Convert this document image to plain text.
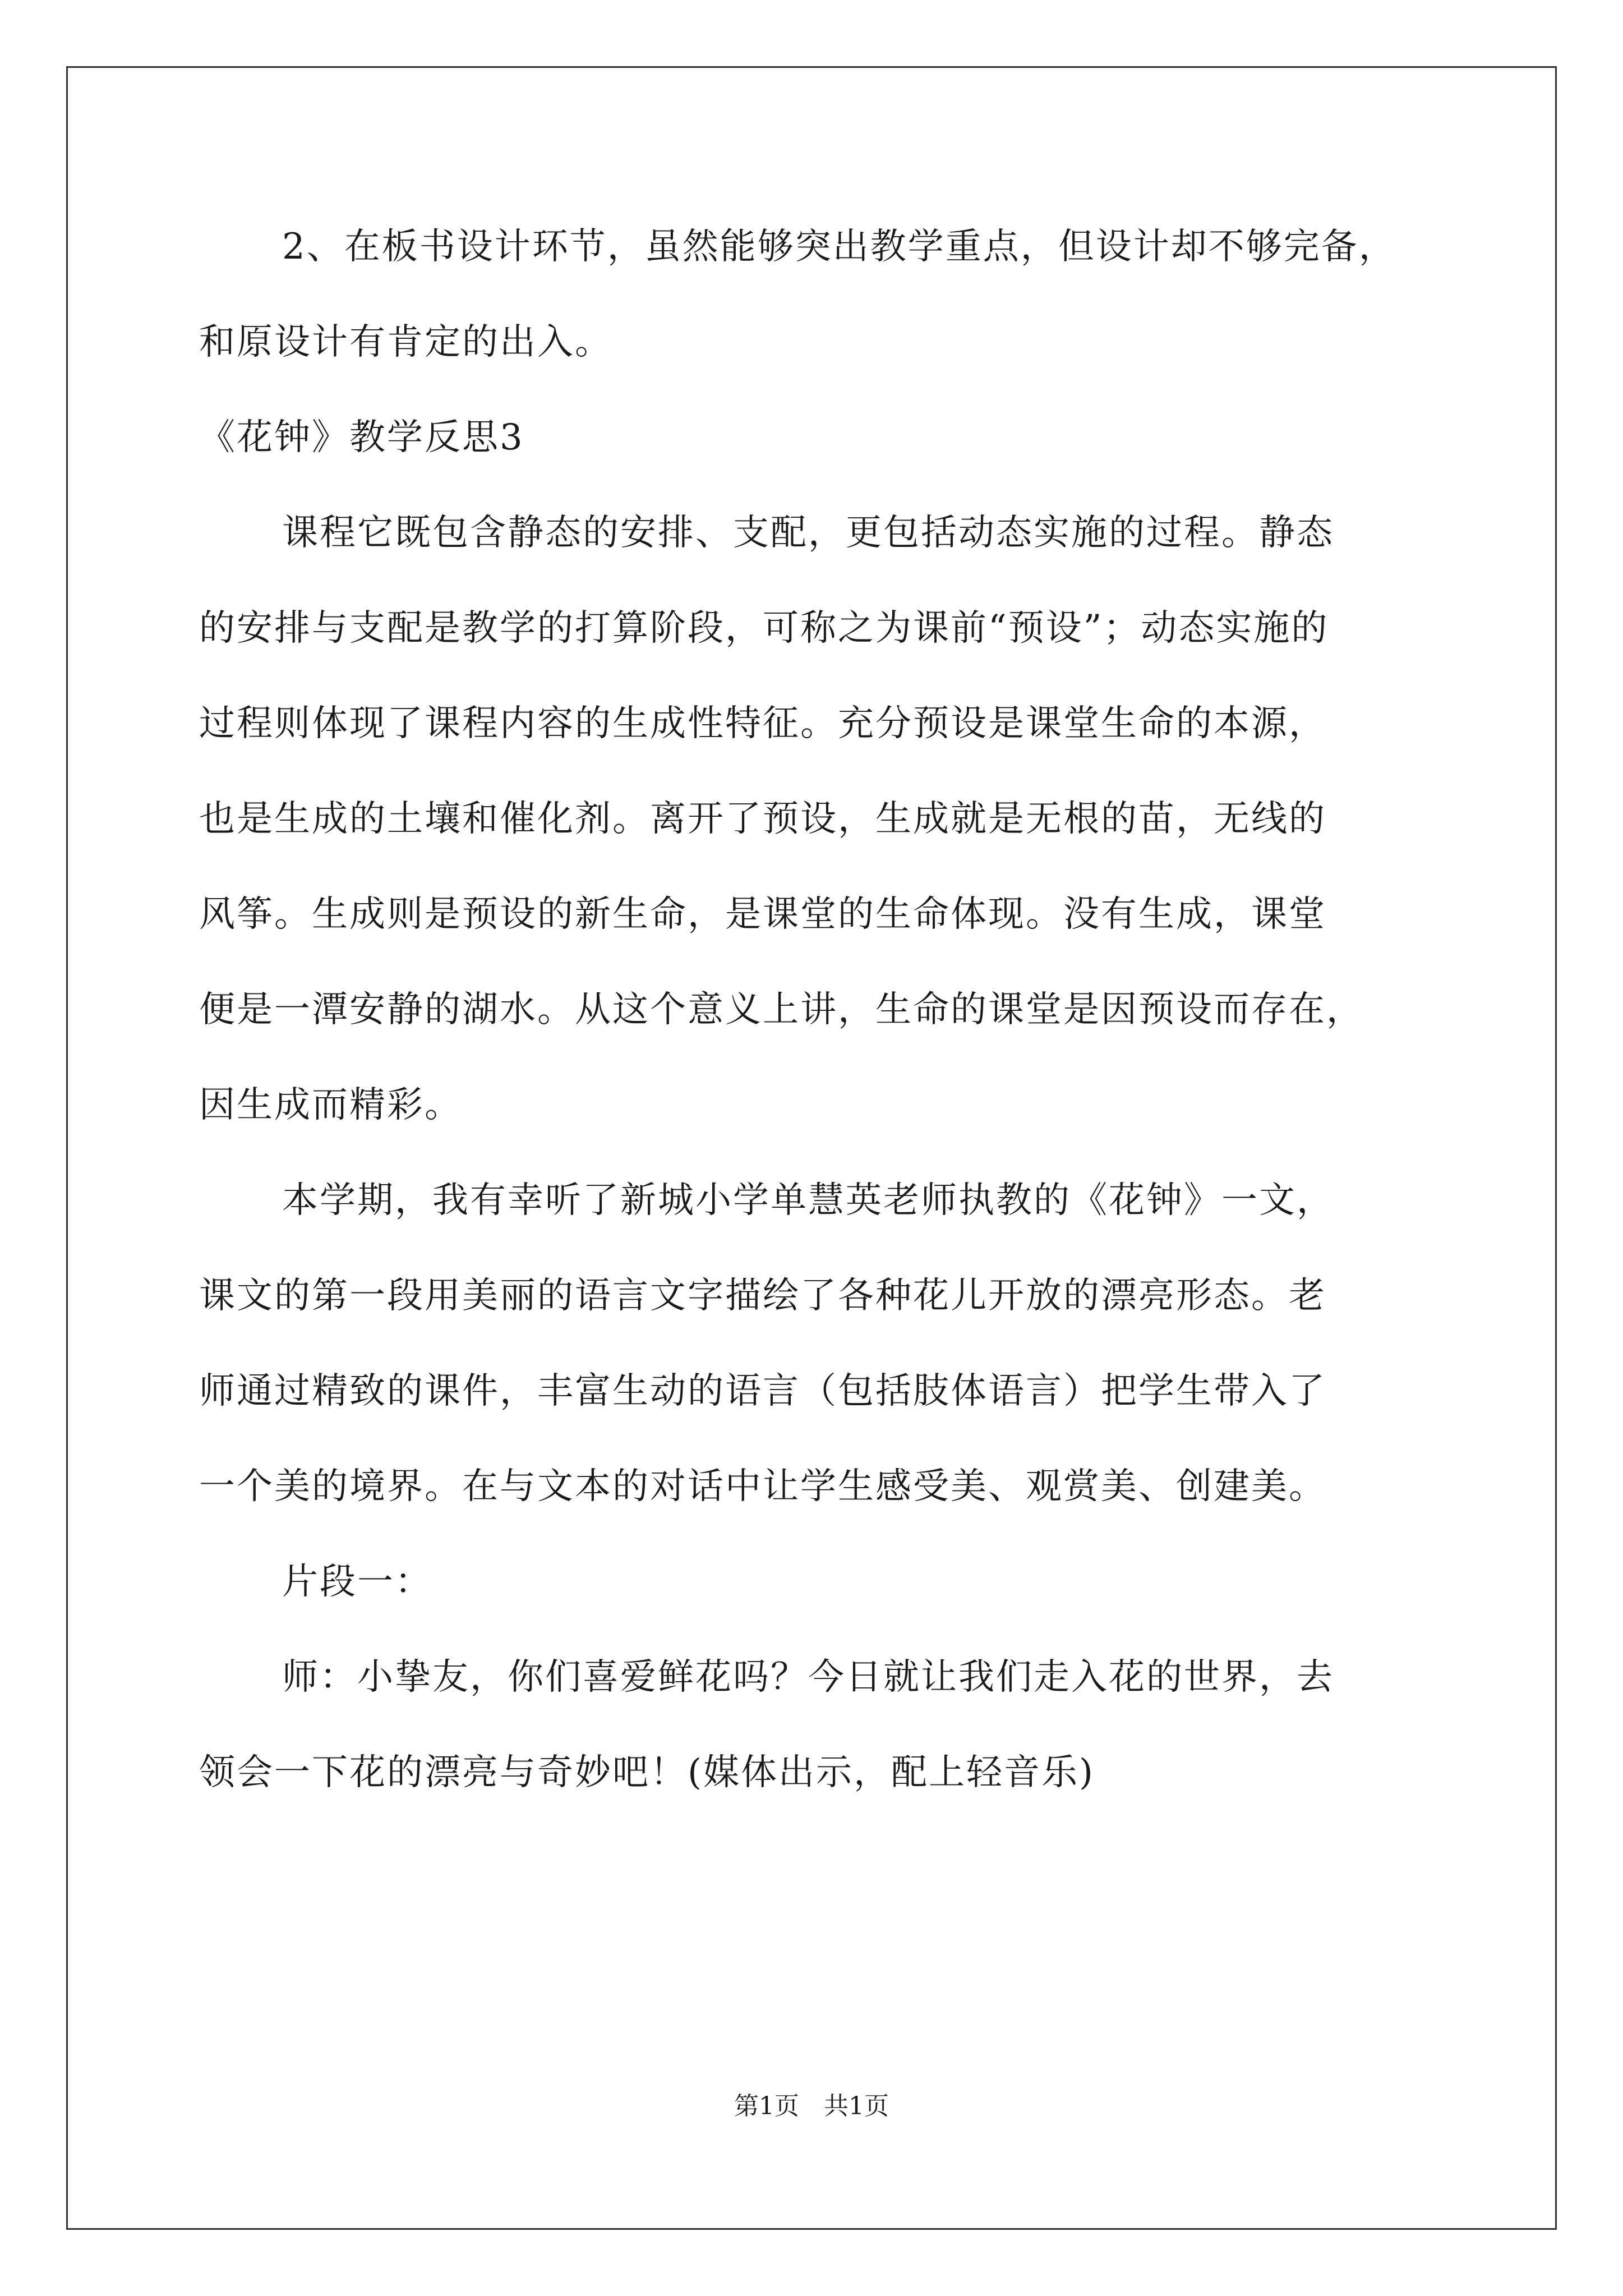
2、在板书设计环节，虽然能够突出教学重点，但设计却不够完备，
和原设计有肯定的出入。
《花钟》教学反思3
课程它既包含静态的安排、支配，更包括动态实施的过程。静态
的安排与支配是教学的打算阶段，可称之为课前“预设”；动态实施的
过程则体现了课程内容的生成性特征。充分预设是课堂生命的本源，
也是生成的土壤和催化剂。离开了预设，生成就是无根的苗，无线的
风筝。生成则是预设的新生命，是课堂的生命体现。没有生成，课堂
便是一潭安静的湖水。从这个意义上讲，生命的课堂是因预设而存在，
因生成而精彩。
本学期，我有幸听了新城小学单慧英老师执教的《花钟》一文，
课文的第一段用美丽的语言文字描绘了各种花儿开放的漂亮形态。老
师通过精致的课件，丰富生动的语言（包括肢体语言）把学生带入了
一个美的境界。在与文本的对话中让学生感受美、观赏美、创建美。
片段一：
师：小挚友，你们喜爱鲜花吗？今日就让我们走入花的世界，去
领会一下花的漂亮与奇妙吧！(媒体出示，配上轻音乐)
第1页　共1页
